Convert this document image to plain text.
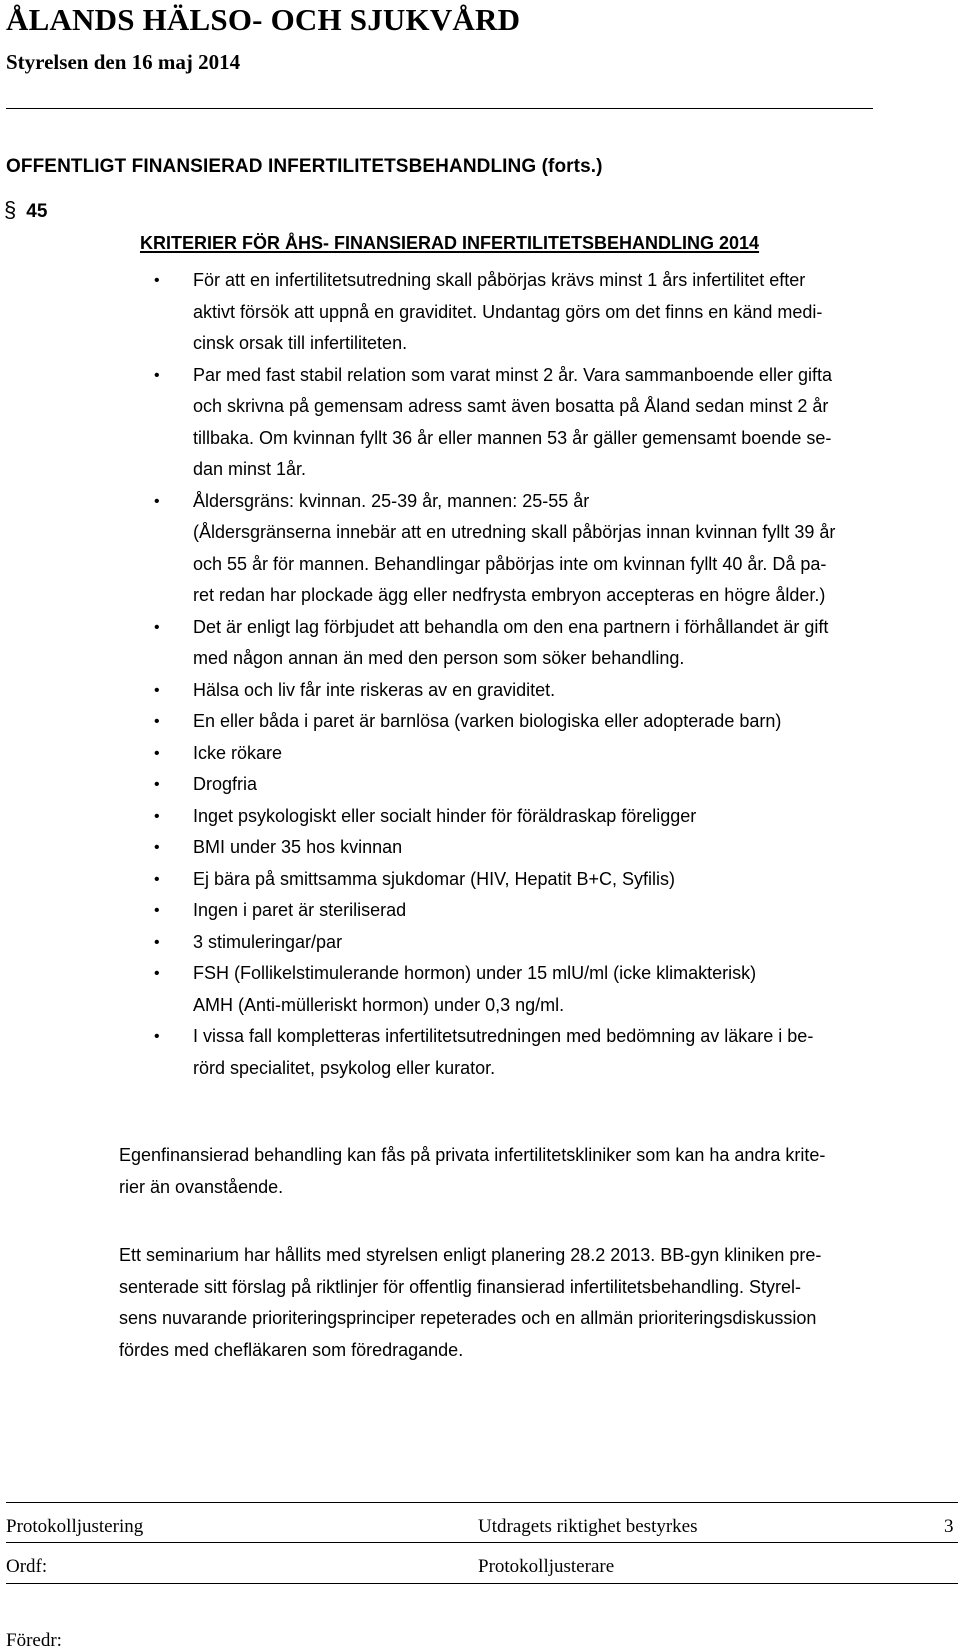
ÅLANDS HÄLSO- OCH SJUKVÅRD
Styrelsen den 16 maj 2014
OFFENTLIGT FINANSIERAD INFERTILITETSBEHANDLING (forts.)
§ 45
KRITERIER FÖR ÅHS- FINANSIERAD INFERTILITETSBEHANDLING 2014
• För att en infertilitetsutredning skall påbörjas krävs minst 1 års infertilitet efter
aktivt försök att uppnå en graviditet. Undantag görs om det finns en känd medi-
cinsk orsak till infertiliteten.
• Par med fast stabil relation som varat minst 2 år. Vara sammanboende eller gifta
och skrivna på gemensam adress samt även bosatta på Åland sedan minst 2 år
tillbaka. Om kvinnan fyllt 36 år eller mannen 53 år gäller gemensamt boende se-
dan minst 1år.
• Åldersgräns: kvinnan. 25-39 år, mannen: 25-55 år
(Åldersgränserna innebär att en utredning skall påbörjas innan kvinnan fyllt 39 år
och 55 år för mannen. Behandlingar påbörjas inte om kvinnan fyllt 40 år. Då pa-
ret redan har plockade ägg eller nedfrysta embryon accepteras en högre ålder.)
• Det är enligt lag förbjudet att behandla om den ena partnern i förhållandet är gift
med någon annan än med den person som söker behandling.
• Hälsa och liv får inte riskeras av en graviditet.
• En eller båda i paret är barnlösa (varken biologiska eller adopterade barn)
• Icke rökare
• Drogfria
• Inget psykologiskt eller socialt hinder för föräldraskap föreligger
• BMI under 35 hos kvinnan
• Ej bära på smittsamma sjukdomar (HIV, Hepatit B+C, Syfilis)
• Ingen i paret är steriliserad
• 3 stimuleringar/par
• FSH (Follikelstimulerande hormon) under 15 mlU/ml (icke klimakterisk)
AMH (Anti-mülleriskt hormon) under 0,3 ng/ml.
• I vissa fall kompletteras infertilitetsutredningen med bedömning av läkare i be-
rörd specialitet, psykolog eller kurator.
Egenfinansierad behandling kan fås på privata infertilitetskliniker som kan ha andra krite-
rier än ovanstående.
Ett seminarium har hållits med styrelsen enligt planering 28.2 2013. BB-gyn kliniken pre-
senterade sitt förslag på riktlinjer för offentlig finansierad infertilitetsbehandling. Styrel-
sens nuvarande prioriteringsprinciper repeterades och en allmän prioriteringsdiskussion
fördes med chefläkaren som föredragande.
Protokolljustering	Utdragets riktighet bestyrkes	3
Ordf:	Protokolljusterare
Föredr:
